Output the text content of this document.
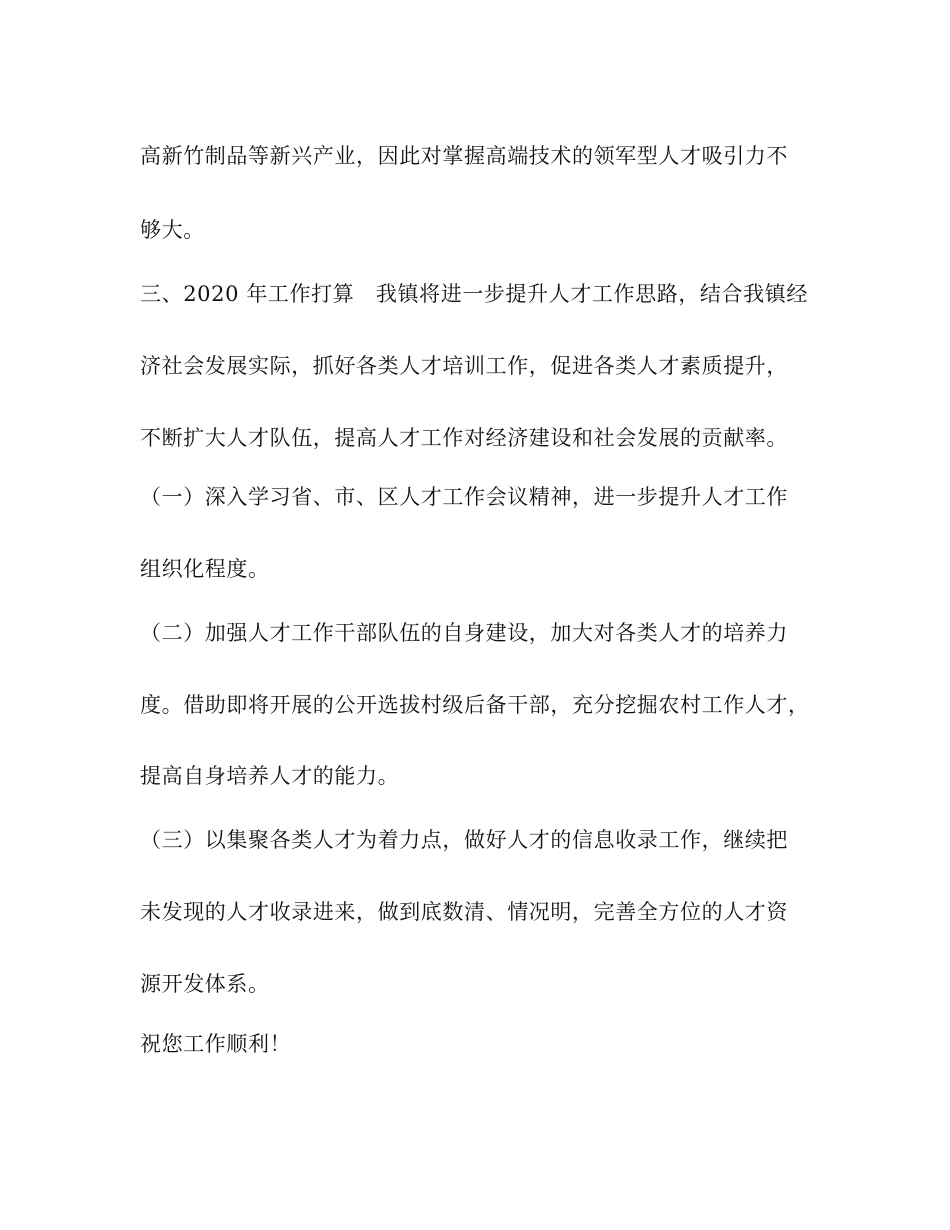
高新竹制品等新兴产业，因此对掌握高端技术的领军型人才吸引力不
够大。
三、2020 年工作打算　我镇将进一步提升人才工作思路，结合我镇经
济社会发展实际，抓好各类人才培训工作，促进各类人才素质提升，
不断扩大人才队伍，提高人才工作对经济建设和社会发展的贡献率。
（一）深入学习省、市、区人才工作会议精神，进一步提升人才工作
组织化程度。
（二）加强人才工作干部队伍的自身建设，加大对各类人才的培养力
度。借助即将开展的公开选拔村级后备干部，充分挖掘农村工作人才，
提高自身培养人才的能力。
（三）以集聚各类人才为着力点，做好人才的信息收录工作，继续把
未发现的人才收录进来，做到底数清、情况明，完善全方位的人才资
源开发体系。
祝您工作顺利！
